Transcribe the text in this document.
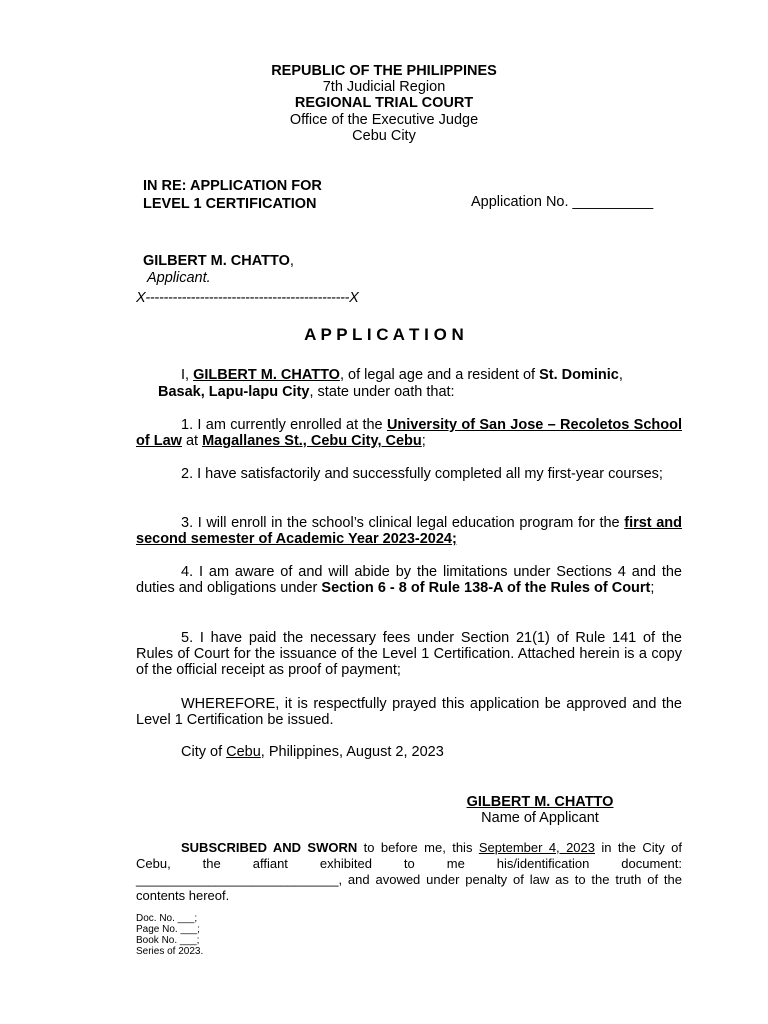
REPUBLIC OF THE PHILIPPINES
7th Judicial Region
REGIONAL TRIAL COURT
Office of the Executive Judge
Cebu City
IN RE: APPLICATION FOR
LEVEL 1 CERTIFICATION	Application No. __________
GILBERT M. CHATTO,
Applicant.
X---------------------------------------------X
A P P L I C A T I O N
I, GILBERT M. CHATTO, of legal age and a resident of St. Dominic,
Basak, Lapu-lapu City, state under oath that:
1. I am currently enrolled at the University of San Jose – Recoletos School of Law at Magallanes St., Cebu City, Cebu;
2. I have satisfactorily and successfully completed all my first-year courses;
3. I will enroll in the school’s clinical legal education program for the first and second semester of Academic Year 2023-2024;
4. I am aware of and will abide by the limitations under Sections 4 and the duties and obligations under Section 6 - 8 of Rule 138-A of the Rules of Court;
5. I have paid the necessary fees under Section 21(1) of Rule 141 of the Rules of Court for the issuance of the Level 1 Certification. Attached herein is a copy of the official receipt as proof of payment;
WHEREFORE, it is respectfully prayed this application be approved and the Level 1 Certification be issued.
City of Cebu, Philippines, August 2, 2023
GILBERT M. CHATTO
Name of Applicant
SUBSCRIBED AND SWORN to before me, this September 4, 2023 in the City of Cebu, the affiant exhibited to me his/identification document: ____________________________, and avowed under penalty of law as to the truth of the contents hereof.
Doc. No. ___;
Page No. ___;
Book No. ___;
Series of 2023.
